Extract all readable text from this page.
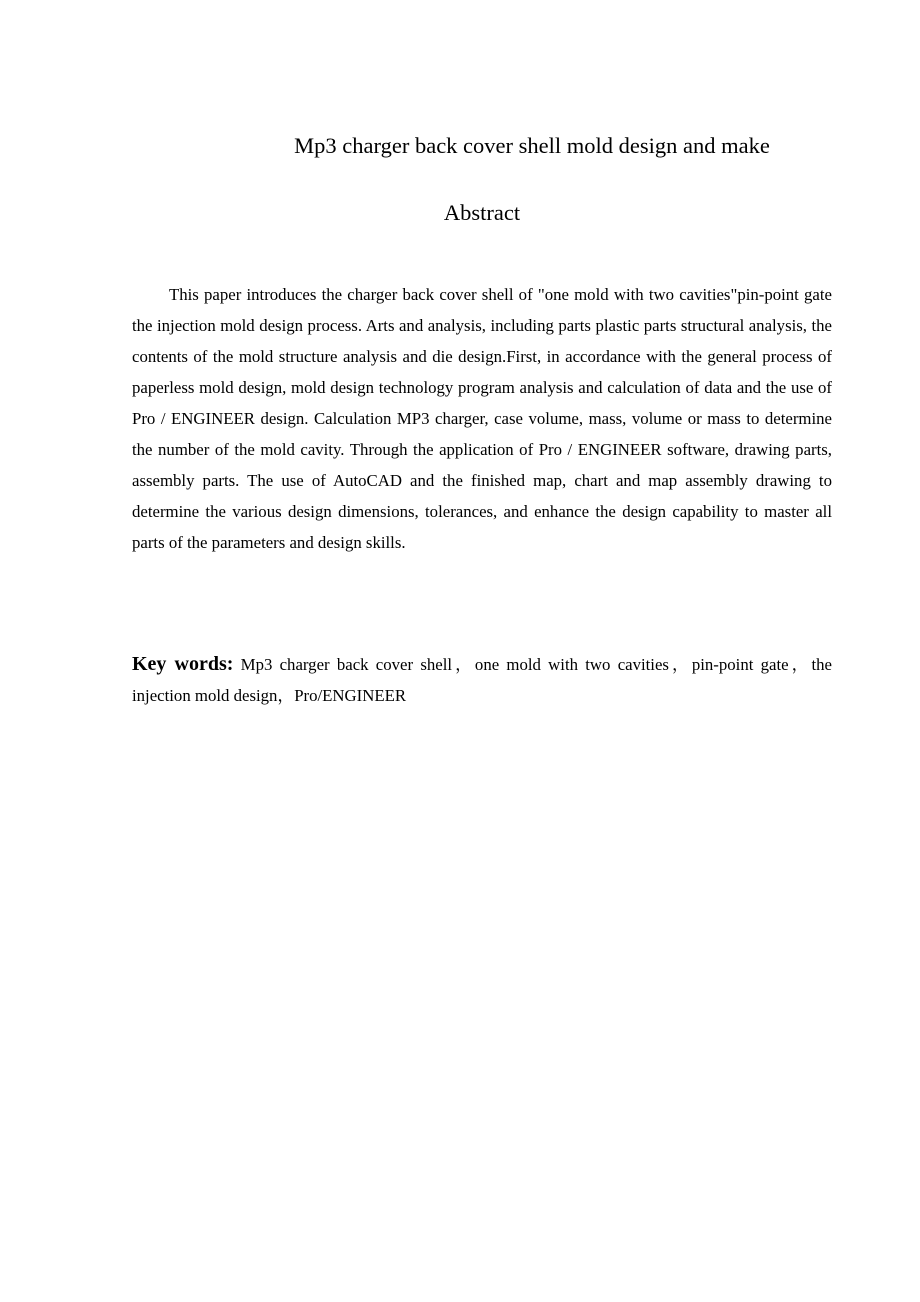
Mp3 charger back cover shell mold design and make
Abstract

This paper introduces the charger back cover shell of "one mold with two cavities"pin-point gate the injection mold design process. Arts and analysis, including parts plastic parts structural analysis, the contents of the mold structure analysis and die design.First, in accordance with the general process of paperless mold design, mold design technology program analysis and calculation of data and the use of Pro / ENGINEER design. Calculation MP3 charger, case volume, mass, volume or mass to determine the number of the mold cavity. Through the application of Pro / ENGINEER software, drawing parts, assembly parts. The use of AutoCAD and the finished map, chart and map assembly drawing to determine the various design dimensions, tolerances, and enhance the design capability to master all parts of the parameters and design skills.

Key words: Mp3 charger back cover shell，one mold with two cavities，pin-point gate，the injection mold design，Pro/ENGINEER
